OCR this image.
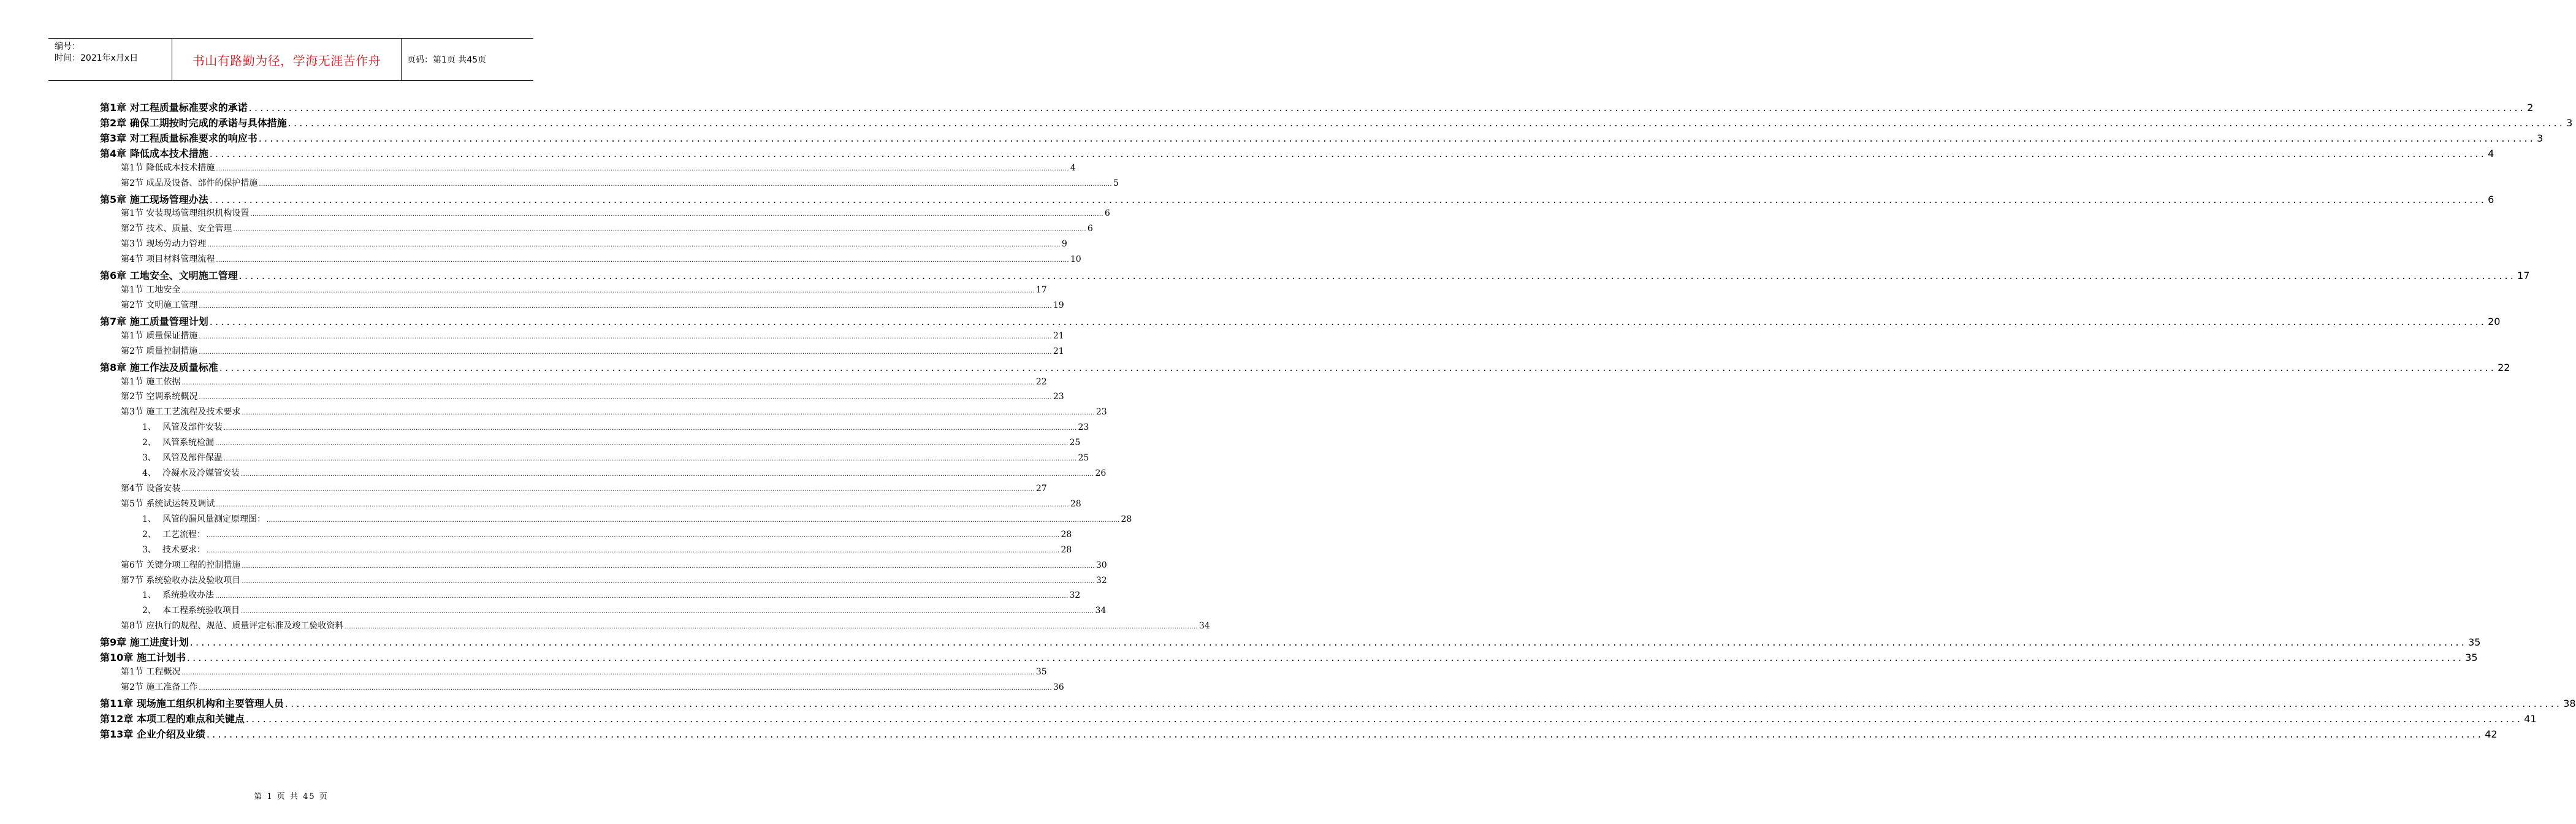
编号：
时间：2021年x月x日	书山有路勤为径，学海无涯苦作舟	页码：第1页 共45页
第1章 对工程质量标准要求的承诺 ................................................................................................................................................................................................................................................................................................................................................................................................................ 2
第2章 确保工期按时完成的承诺与具体措施 ................................................................................................................................................................................................................................................................................................................................................................................................................ 3
第3章 对工程质量标准要求的响应书 ................................................................................................................................................................................................................................................................................................................................................................................................................ 3
第4章 降低成本技术措施 ................................................................................................................................................................................................................................................................................................................................................................................................................ 4
第1节 降低成本技术措施 ................................................................................................................................................................................................................................................................................................................................................................................................................ 4
第2节 成品及设备、部件的保护措施 ................................................................................................................................................................................................................................................................................................................................................................................................................ 5
第5章 施工现场管理办法 ................................................................................................................................................................................................................................................................................................................................................................................................................ 6
第1节 安装现场管理组织机构设置 ................................................................................................................................................................................................................................................................................................................................................................................................................ 6
第2节 技术、质量、安全管理 ................................................................................................................................................................................................................................................................................................................................................................................................................ 6
第3节 现场劳动力管理 ................................................................................................................................................................................................................................................................................................................................................................................................................ 9
第4节 项目材料管理流程 ................................................................................................................................................................................................................................................................................................................................................................................................................ 10
第6章 工地安全、文明施工管理 ................................................................................................................................................................................................................................................................................................................................................................................................................ 17
第1节 工地安全 ................................................................................................................................................................................................................................................................................................................................................................................................................ 17
第2节 文明施工管理 ................................................................................................................................................................................................................................................................................................................................................................................................................ 19
第7章 施工质量管理计划 ................................................................................................................................................................................................................................................................................................................................................................................................................ 20
第1节 质量保证措施 ................................................................................................................................................................................................................................................................................................................................................................................................................ 21
第2节 质量控制措施 ................................................................................................................................................................................................................................................................................................................................................................................................................ 21
第8章 施工作法及质量标准 ................................................................................................................................................................................................................................................................................................................................................................................................................ 22
第1节 施工依据 ................................................................................................................................................................................................................................................................................................................................................................................................................ 22
第2节 空调系统概况 ................................................................................................................................................................................................................................................................................................................................................................................................................ 23
第3节 施工工艺流程及技术要求 ................................................................................................................................................................................................................................................................................................................................................................................................................ 23
1、 风管及部件安装 ................................................................................................................................................................................................................................................................................................................................................................................................................ 23
2、 风管系统检漏 ................................................................................................................................................................................................................................................................................................................................................................................................................ 25
3、 风管及部件保温 ................................................................................................................................................................................................................................................................................................................................................................................................................ 25
4、 冷凝水及冷媒管安装 ................................................................................................................................................................................................................................................................................................................................................................................................................ 26
第4节 设备安装 ................................................................................................................................................................................................................................................................................................................................................................................................................ 27
第5节 系统试运转及调试 ................................................................................................................................................................................................................................................................................................................................................................................................................ 28
1、 风管的漏风量测定原理图： ................................................................................................................................................................................................................................................................................................................................................................................................................ 28
2、 工艺流程： ................................................................................................................................................................................................................................................................................................................................................................................................................ 28
3、 技术要求： ................................................................................................................................................................................................................................................................................................................................................................................................................ 28
第6节 关键分项工程的控制措施 ................................................................................................................................................................................................................................................................................................................................................................................................................ 30
第7节 系统验收办法及验收项目 ................................................................................................................................................................................................................................................................................................................................................................................................................ 32
1、 系统验收办法 ................................................................................................................................................................................................................................................................................................................................................................................................................ 32
2、 本工程系统验收项目 ................................................................................................................................................................................................................................................................................................................................................................................................................ 34
第8节 应执行的规程、规范、质量评定标准及竣工验收资料 ................................................................................................................................................................................................................................................................................................................................................................................................................ 34
第9章 施工进度计划 ................................................................................................................................................................................................................................................................................................................................................................................................................ 35
第10章 施工计划书 ................................................................................................................................................................................................................................................................................................................................................................................................................ 35
第1节 工程概况 ................................................................................................................................................................................................................................................................................................................................................................................................................ 35
第2节 施工准备工作 ................................................................................................................................................................................................................................................................................................................................................................................................................ 36
第11章 现场施工组织机构和主要管理人员 ................................................................................................................................................................................................................................................................................................................................................................................................................ 38
第12章 本项工程的难点和关键点 ................................................................................................................................................................................................................................................................................................................................................................................................................ 41
第13章 企业介绍及业绩 ................................................................................................................................................................................................................................................................................................................................................................................................................ 42
第 1 页 共 45 页
